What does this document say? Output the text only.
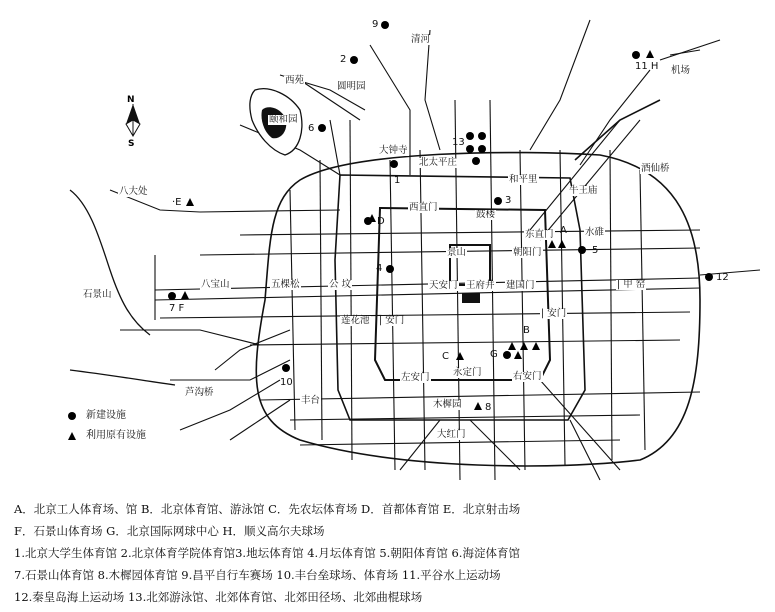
N
S
清河
西苑
圆明园
颐和园
大钟寺
北太平庄
机场
酒仙桥
和平里
八大处
西直门
鼓楼
牛王庙
东直门	水碓
景山	朝阳门
八宝山	五棵松	公 坟	天安门 王府井 建国门	| 甲 窑
石景山
莲花池 | 安门
| 安门
左安门 永定门	右安门
芦沟桥
丰台	木樨园
大红门
9
2
11 H
6
13
1
3
·E
D
A
5
4
12
7 F
B
C	G
10
8
新建设施
利用原有设施
A．北京工人体育场、馆 B．北京体育馆、游泳馆 C．先农坛体育场 D．首都体育馆 E．北京射击场
F．石景山体育场 G．北京国际网球中心 H．顺义高尔夫球场
1.北京大学生体育馆 2.北京体育学院体育馆3.地坛体育馆 4.月坛体育馆 5.朝阳体育馆 6.海淀体育馆
7.石景山体育馆 8.木樨园体育馆 9.昌平自行车赛场 10.丰台垒球场、体育场 11.平谷水上运动场
12.秦皇岛海上运动场 13.北郊游泳馆、北郊体育馆、北郊田径场、北郊曲棍球场
